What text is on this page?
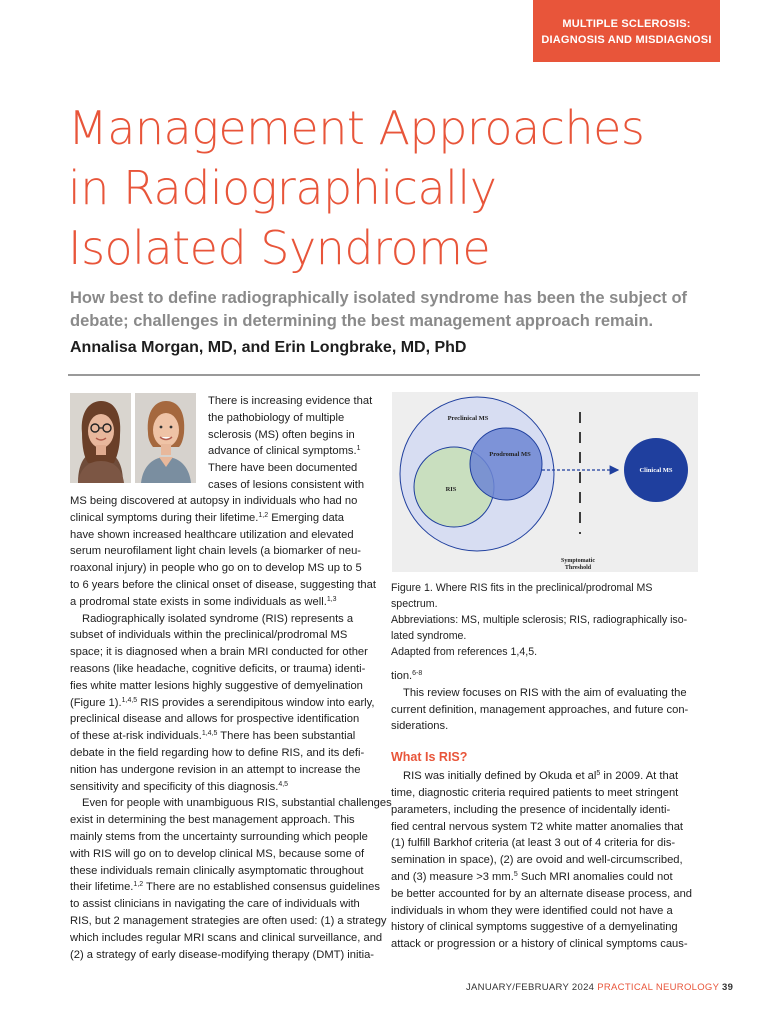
MULTIPLE SCLEROSIS:
DIAGNOSIS AND MISDIAGNOSI
Management Approaches
in Radiographically
Isolated Syndrome
How best to define radiographically isolated syndrome has been the subject of debate; challenges in determining the best management approach remain.
Annalisa Morgan, MD, and Erin Longbrake, MD, PhD
There is increasing evidence that
the pathobiology of multiple
sclerosis (MS) often begins in
advance of clinical symptoms.$^1$
There have been documented
cases of lesions consistent with
MS being discovered at autopsy in individuals who had no
clinical symptoms during their lifetime.$^{1,2}$ Emerging data
have shown increased healthcare utilization and elevated
serum neurofilament light chain levels (a biomarker of neu-
roaxonal injury) in people who go on to develop MS up to 5
to 6 years before the clinical onset of disease, suggesting that
a prodromal state exists in some individuals as well.$^{1,3}$
Radiographically isolated syndrome (RIS) represents a
subset of individuals within the preclinical/prodromal MS
space; it is diagnosed when a brain MRI conducted for other
reasons (like headache, cognitive deficits, or trauma) identi-
fies white matter lesions highly suggestive of demyelination
(Figure 1).$^{1,4,5}$ RIS provides a serendipitous window into early,
preclinical disease and allows for prospective identification
of these at-risk individuals.$^{1,4,5}$ There has been substantial
debate in the field regarding how to define RIS, and its defi-
nition has undergone revision in an attempt to increase the
sensitivity and specificity of this diagnosis.$^{4,5}$
Even for people with unambiguous RIS, substantial challenges
exist in determining the best management approach. This
mainly stems from the uncertainty surrounding which people
with RIS will go on to develop clinical MS, because some of
these individuals remain clinically asymptomatic throughout
their lifetime.$^{1,2}$ There are no established consensus guidelines
to assist clinicians in navigating the care of individuals with
RIS, but 2 management strategies are often used: (1) a strategy
which includes regular MRI scans and clinical surveillance, and
(2) a strategy of early disease-modifying therapy (DMT) initia-
Preclinical MS
Prodromal MS
RIS
Clinical MS
Symptomatic
Threshold
Figure 1. Where RIS fits in the preclinical/prodromal MS
spectrum.
Abbreviations: MS, multiple sclerosis; RIS, radiographically iso-
lated syndrome.
Adapted from references 1,4,5.
tion.$^{6-8}$
This review focuses on RIS with the aim of evaluating the
current definition, management approaches, and future con-
siderations.
What Is RIS?
RIS was initially defined by Okuda et $al^5$ in 2009. At that
time, diagnostic criteria required patients to meet stringent
parameters, including the presence of incidentally identi-
fied central nervous system T2 white matter anomalies that
(1) fulfill Barkhof criteria (at least 3 out of 4 criteria for dis-
semination in space), (2) are ovoid and well-circumscribed,
and (3) measure >3 mm.$^5$ Such MRI anomalies could not
be better accounted for by an alternate disease process, and
individuals in whom they were identified could not have a
history of clinical symptoms suggestive of a demyelinating
attack or progression or a history of clinical symptoms caus-
JANUARY/FEBRUARY 2024 PRACTICAL NEUROLOGY 39
